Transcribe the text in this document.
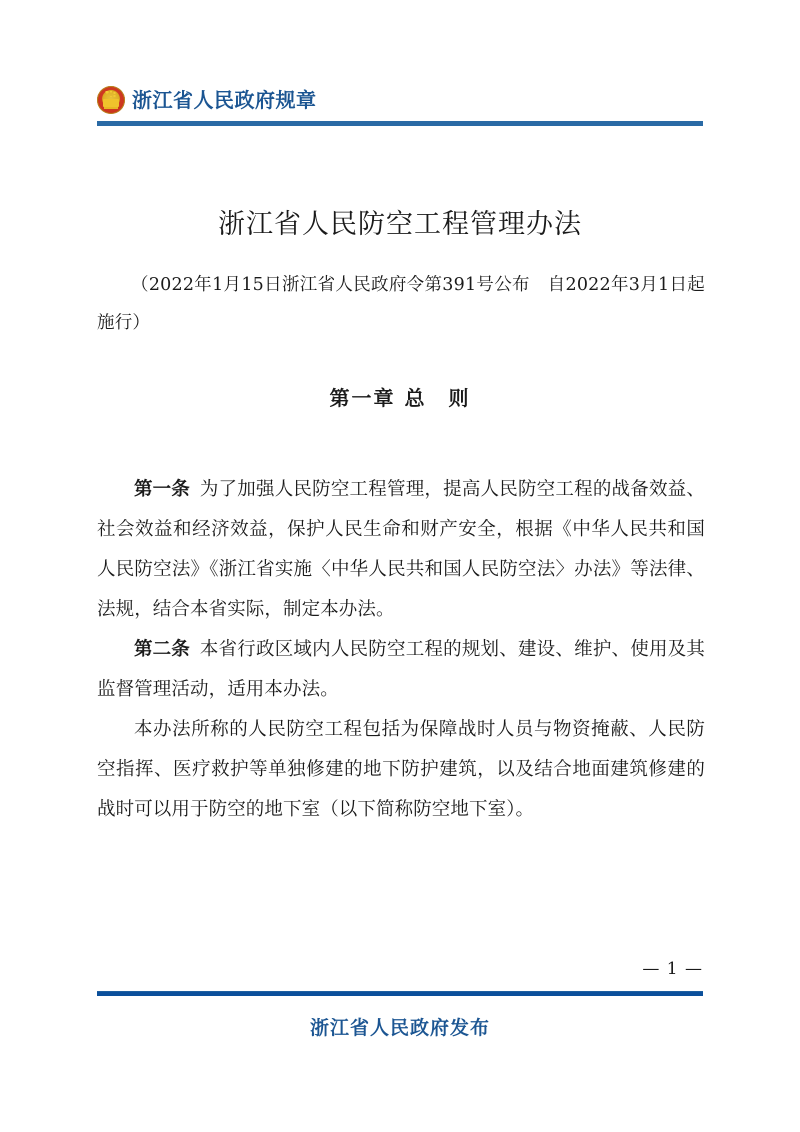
浙江省人民政府规章
浙江省人民防空工程管理办法
（2022年1月15日浙江省人民政府令第391号公布　自2022年3月1日起施行）
第一章 总　则

第一条 为了加强人民防空工程管理，提高人民防空工程的战备效益、社会效益和经济效益，保护人民生命和财产安全，根据《中华人民共和国人民防空法》《浙江省实施〈中华人民共和国人民防空法〉办法》等法律、法规，结合本省实际，制定本办法。

第二条 本省行政区域内人民防空工程的规划、建设、维护、使用及其监督管理活动，适用本办法。

本办法所称的人民防空工程包括为保障战时人员与物资掩蔽、人民防空指挥、医疗救护等单独修建的地下防护建筑，以及结合地面建筑修建的战时可以用于防空的地下室（以下简称防空地下室）。

— 1 —
浙江省人民政府发布
